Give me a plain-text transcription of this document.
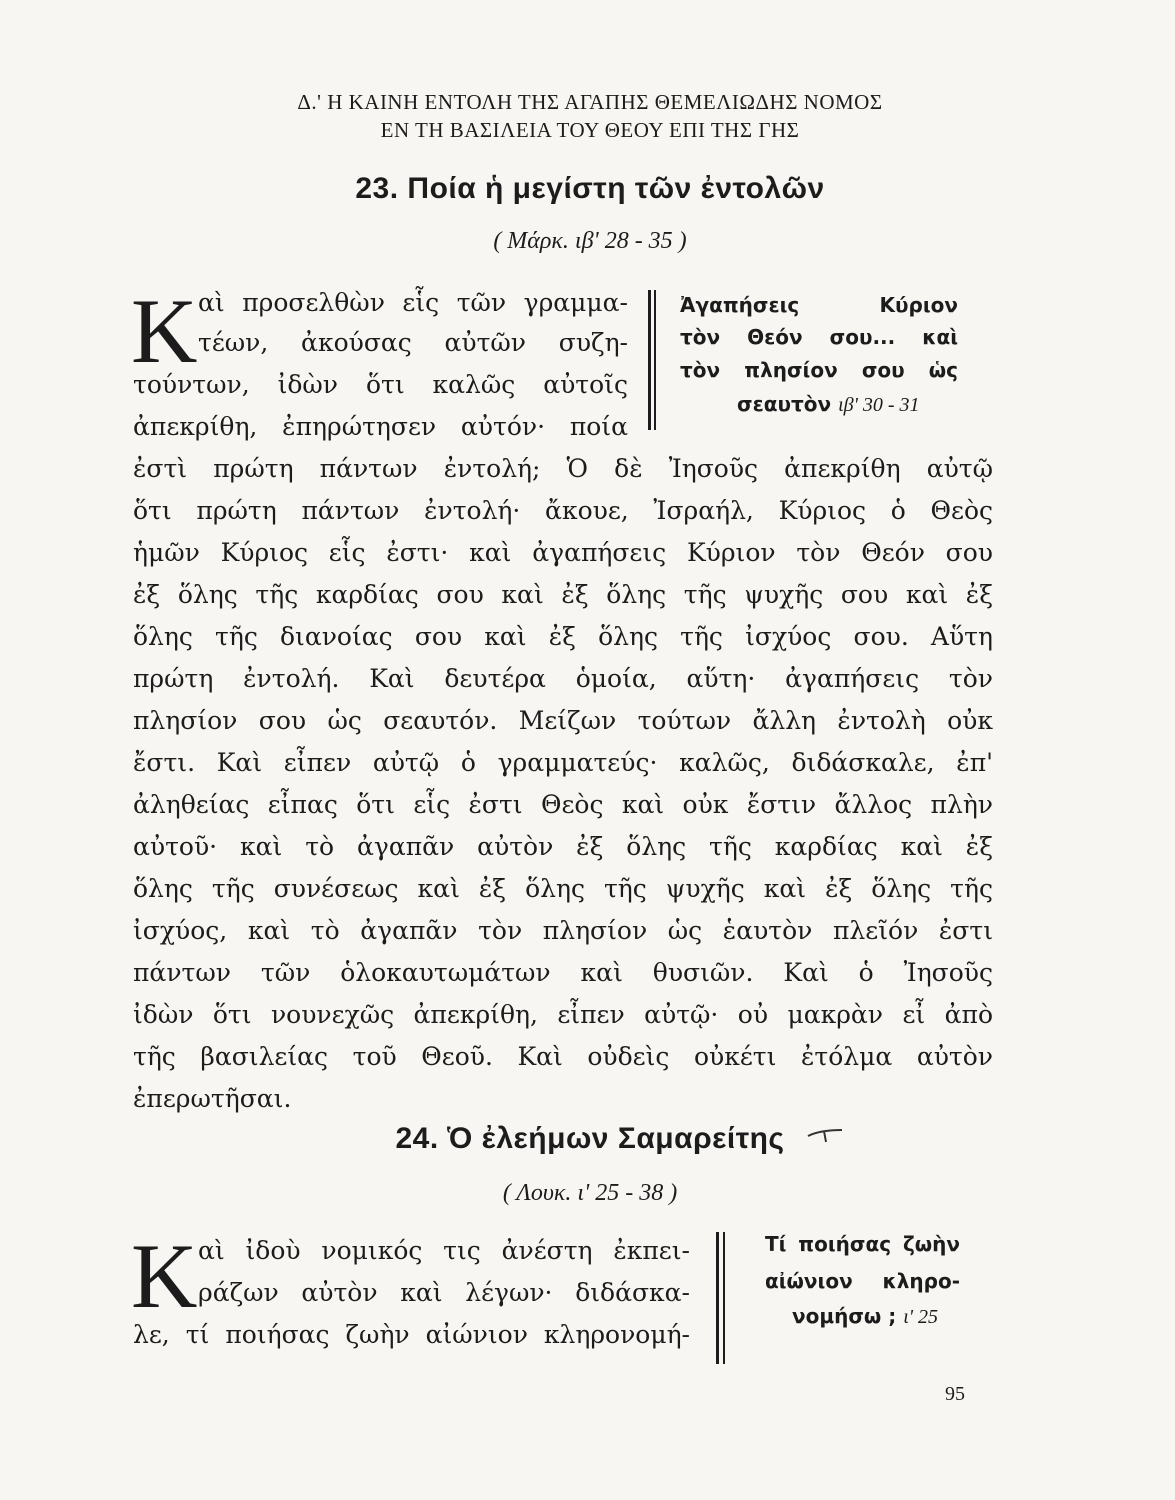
Δ.' Η ΚΑΙΝΗ ΕΝΤΟΛΗ ΤΗΣ ΑΓΑΠΗΣ ΘΕΜΕΛΙΩΔΗΣ ΝΟΜΟΣ
ΕΝ ΤΗ ΒΑΣΙΛΕΙΑ ΤΟΥ ΘΕΟΥ ΕΠΙ ΤΗΣ ΓΗΣ
23. Ποία ἡ μεγίστη τῶν ἐντολῶν
( Μάρκ. ιβ' 28 - 35 )
Κ αὶ προσελθὼν εἷς τῶν γραμμα-
τέων, ἀκούσας αὐτῶν συζη-
τούντων, ἰδὼν ὅτι καλῶς αὐτοῖς
ἀπεκρίθη, ἐπηρώτησεν αὐτόν· ποία
Ἀγαπήσεις Κύριον
τὸν Θεόν σου... καὶ
τὸν πλησίον σου ὡς
σεαυτὸν ιβ' 30 - 31
ἐστὶ πρώτη πάντων ἐντολή; Ὁ δὲ Ἰησοῦς ἀπεκρίθη αὐτῷ
ὅτι πρώτη πάντων ἐντολή· ἄκουε, Ἰσραήλ, Κύριος ὁ Θεὸς
ἡμῶν Κύριος εἷς ἐστι· καὶ ἀγαπήσεις Κύριον τὸν Θεόν σου
ἐξ ὅλης τῆς καρδίας σου καὶ ἐξ ὅλης τῆς ψυχῆς σου καὶ ἐξ
ὅλης τῆς διανοίας σου καὶ ἐξ ὅλης τῆς ἰσχύος σου. Αὕτη
πρώτη ἐντολή. Καὶ δευτέρα ὁμοία, αὕτη· ἀγαπήσεις τὸν
πλησίον σου ὡς σεαυτόν. Μείζων τούτων ἄλλη ἐντολὴ οὐκ
ἔστι. Καὶ εἶπεν αὐτῷ ὁ γραμματεύς· καλῶς, διδάσκαλε, ἐπ'
ἀληθείας εἶπας ὅτι εἷς ἐστι Θεὸς καὶ οὐκ ἔστιν ἄλλος πλὴν
αὐτοῦ· καὶ τὸ ἀγαπᾶν αὐτὸν ἐξ ὅλης τῆς καρδίας καὶ ἐξ
ὅλης τῆς συνέσεως καὶ ἐξ ὅλης τῆς ψυχῆς καὶ ἐξ ὅλης τῆς
ἰσχύος, καὶ τὸ ἀγαπᾶν τὸν πλησίον ὡς ἑαυτὸν πλεῖόν ἐστι
πάντων τῶν ὁλοκαυτωμάτων καὶ θυσιῶν. Καὶ ὁ Ἰησοῦς
ἰδὼν ὅτι νουνεχῶς ἀπεκρίθη, εἶπεν αὐτῷ· οὐ μακρὰν εἶ ἀπὸ
τῆς βασιλείας τοῦ Θεοῦ. Καὶ οὐδεὶς οὐκέτι ἐτόλμα αὐτὸν
ἐπερωτῆσαι.
24. Ὁ ἐλεήμων Σαμαρείτης
( Λουκ. ι' 25 - 38 )
Κ αὶ ἰδοὺ νομικός τις ἀνέστη ἐκπει-
ράζων αὐτὸν καὶ λέγων· διδάσκα-
λε, τί ποιήσας ζωὴν αἰώνιον κληρονομή-
Τί ποιήσας ζωὴν
αἰώνιον κληρο-
νομήσω ; ι' 25
95
